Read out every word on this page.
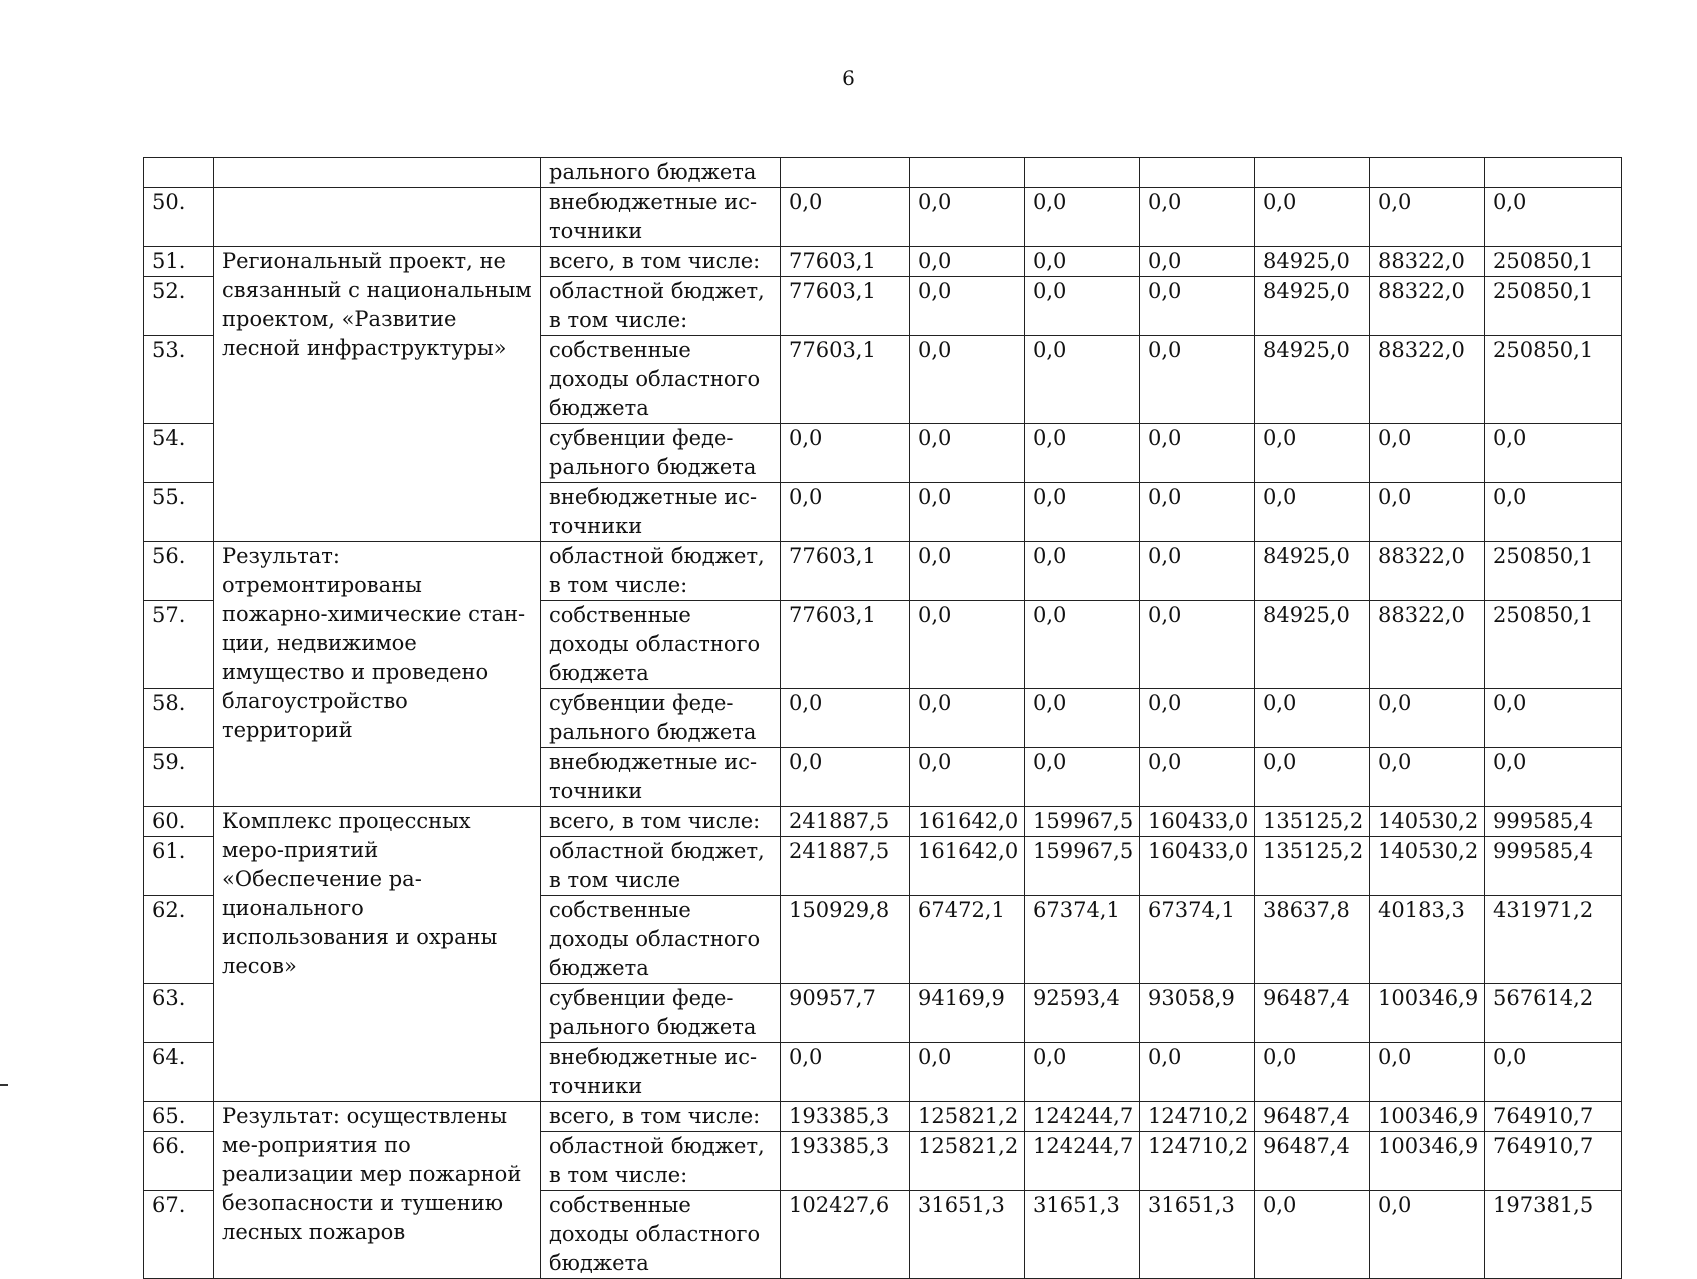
6
		рального бюджета							
50.		внебюджетные ис-точники	0,0	0,0	0,0	0,0	0,0	0,0	0,0
51.	Региональный проект, не связанный с национальным проектом, «Развитие лесной инфраструктуры»	всего, в том числе:	77603,1	0,0	0,0	0,0	84925,0	88322,0	250850,1
52.		областной бюджет, в том числе:	77603,1	0,0	0,0	0,0	84925,0	88322,0	250850,1
53.		собственные доходы областного бюджета	77603,1	0,0	0,0	0,0	84925,0	88322,0	250850,1
54.		субвенции феде-рального бюджета	0,0	0,0	0,0	0,0	0,0	0,0	0,0
55.		внебюджетные ис-точники	0,0	0,0	0,0	0,0	0,0	0,0	0,0
56.	Результат: отремонтированы пожарно-химические стан-ции, недвижимое имущество и проведено благоустройство территорий	областной бюджет, в том числе:	77603,1	0,0	0,0	0,0	84925,0	88322,0	250850,1
57.		собственные доходы областного бюджета	77603,1	0,0	0,0	0,0	84925,0	88322,0	250850,1
58.		субвенции феде-рального бюджета	0,0	0,0	0,0	0,0	0,0	0,0	0,0
59.		внебюджетные ис-точники	0,0	0,0	0,0	0,0	0,0	0,0	0,0
60.	Комплекс процессных меро-приятий «Обеспечение ра-ционального использования и охраны лесов»	всего, в том числе:	241887,5	161642,0	159967,5	160433,0	135125,2	140530,2	999585,4
61.		областной бюджет, в том числе	241887,5	161642,0	159967,5	160433,0	135125,2	140530,2	999585,4
62.		собственные доходы областного бюджета	150929,8	67472,1	67374,1	67374,1	38637,8	40183,3	431971,2
63.		субвенции феде-рального бюджета	90957,7	94169,9	92593,4	93058,9	96487,4	100346,9	567614,2
64.		внебюджетные ис-точники	0,0	0,0	0,0	0,0	0,0	0,0	0,0
65.	Результат: осуществлены ме-роприятия по реализации мер пожарной безопасности и тушению лесных пожаров	всего, в том числе:	193385,3	125821,2	124244,7	124710,2	96487,4	100346,9	764910,7
66.		областной бюджет, в том числе:	193385,3	125821,2	124244,7	124710,2	96487,4	100346,9	764910,7
67.		собственные доходы областного бюджета	102427,6	31651,3	31651,3	31651,3	0,0	0,0	197381,5
